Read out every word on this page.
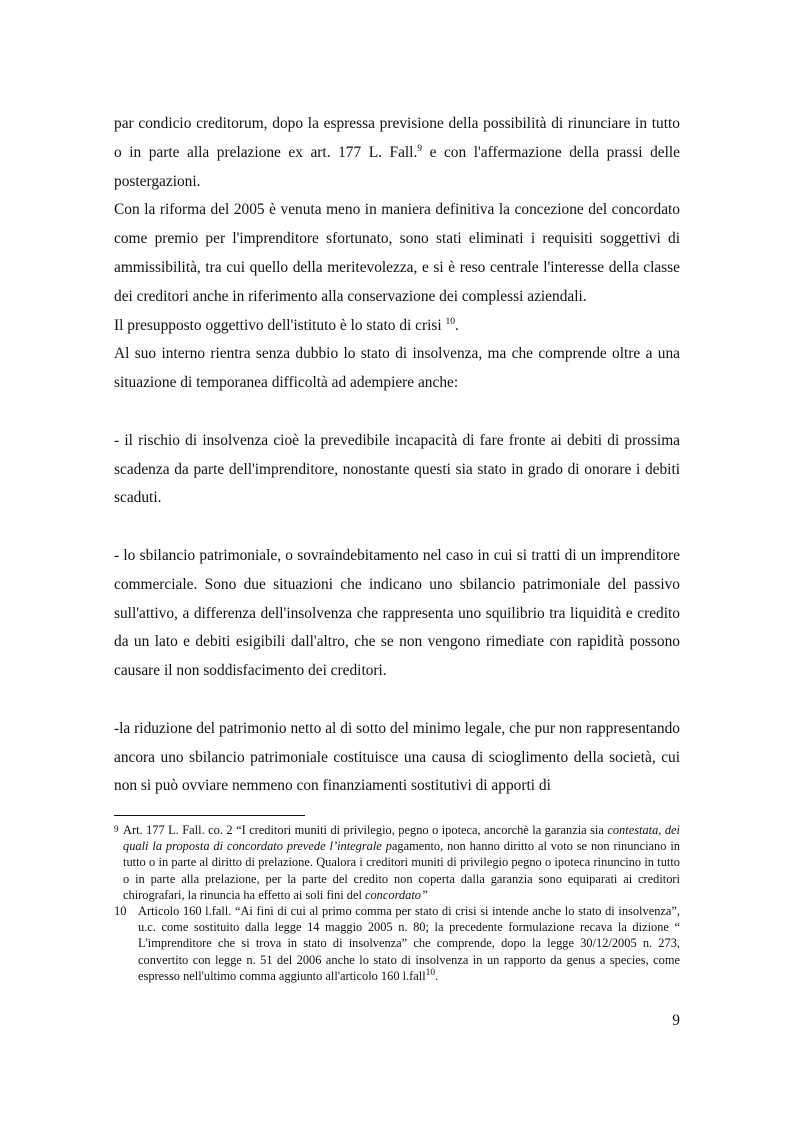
par condicio creditorum, dopo la espressa previsione della possibilità di rinunciare in tutto o in parte alla prelazione ex art. 177 L. Fall.$^9$ e con l'affermazione della prassi delle postergazioni.

Con la riforma del 2005 è venuta meno in maniera definitiva la concezione del concordato come premio per l'imprenditore sfortunato, sono stati eliminati i requisiti soggettivi di ammissibilità, tra cui quello della meritevolezza, e si è reso centrale l'interesse della classe dei creditori anche in riferimento alla conservazione dei complessi aziendali.

Il presupposto oggettivo dell'istituto è lo stato di crisi $^{10}$.

Al suo interno rientra senza dubbio lo stato di insolvenza, ma che comprende oltre a una situazione di temporanea difficoltà ad adempiere anche:

- il rischio di insolvenza cioè la prevedibile incapacità di fare fronte ai debiti di prossima scadenza da parte dell'imprenditore, nonostante questi sia stato in grado di onorare i debiti scaduti.

- lo sbilancio patrimoniale, o sovraindebitamento nel caso in cui si tratti di un imprenditore commerciale. Sono due situazioni che indicano uno sbilancio patrimoniale del passivo sull'attivo, a differenza dell'insolvenza che rappresenta uno squilibrio tra liquidità e credito da un lato e debiti esigibili dall'altro, che se non vengono rimediate con rapidità possono causare il non soddisfacimento dei creditori.

-la riduzione del patrimonio netto al di sotto del minimo legale, che pur non rappresentando ancora uno sbilancio patrimoniale costituisce una causa di scioglimento della società, cui non si può ovviare nemmeno con finanziamenti sostitutivi di apporti di

9 Art. 177 L. Fall. co. 2 “I creditori muniti di privilegio, pegno o ipoteca, ancorchè la garanzia sia contestata, dei quali la proposta di concordato prevede l’integrale pagamento, non hanno diritto al voto se non rinunciano in tutto o in parte al diritto di prelazione. Qualora i creditori muniti di privilegio pegno o ipoteca rinuncino in tutto o in parte alla prelazione, per la parte del credito non coperta dalla garanzia sono equiparati ai creditori chirografari, la rinuncia ha effetto ai soli fini del concordato”
10 Articolo 160 l.fall. “Ai fini di cui al primo comma per stato di crisi si intende anche lo stato di insolvenza”, u.c. come sostituito dalla legge 14 maggio 2005 n. 80; la precedente formulazione recava la dizione “ L'imprenditore che si trova in stato di insolvenza” che comprende, dopo la legge 30/12/2005 n. 273, convertito con legge n. 51 del 2006 anche lo stato di insolvenza in un rapporto da genus a species, come espresso nell'ultimo comma aggiunto all'articolo 160 l.fall$^{10}$.
9
